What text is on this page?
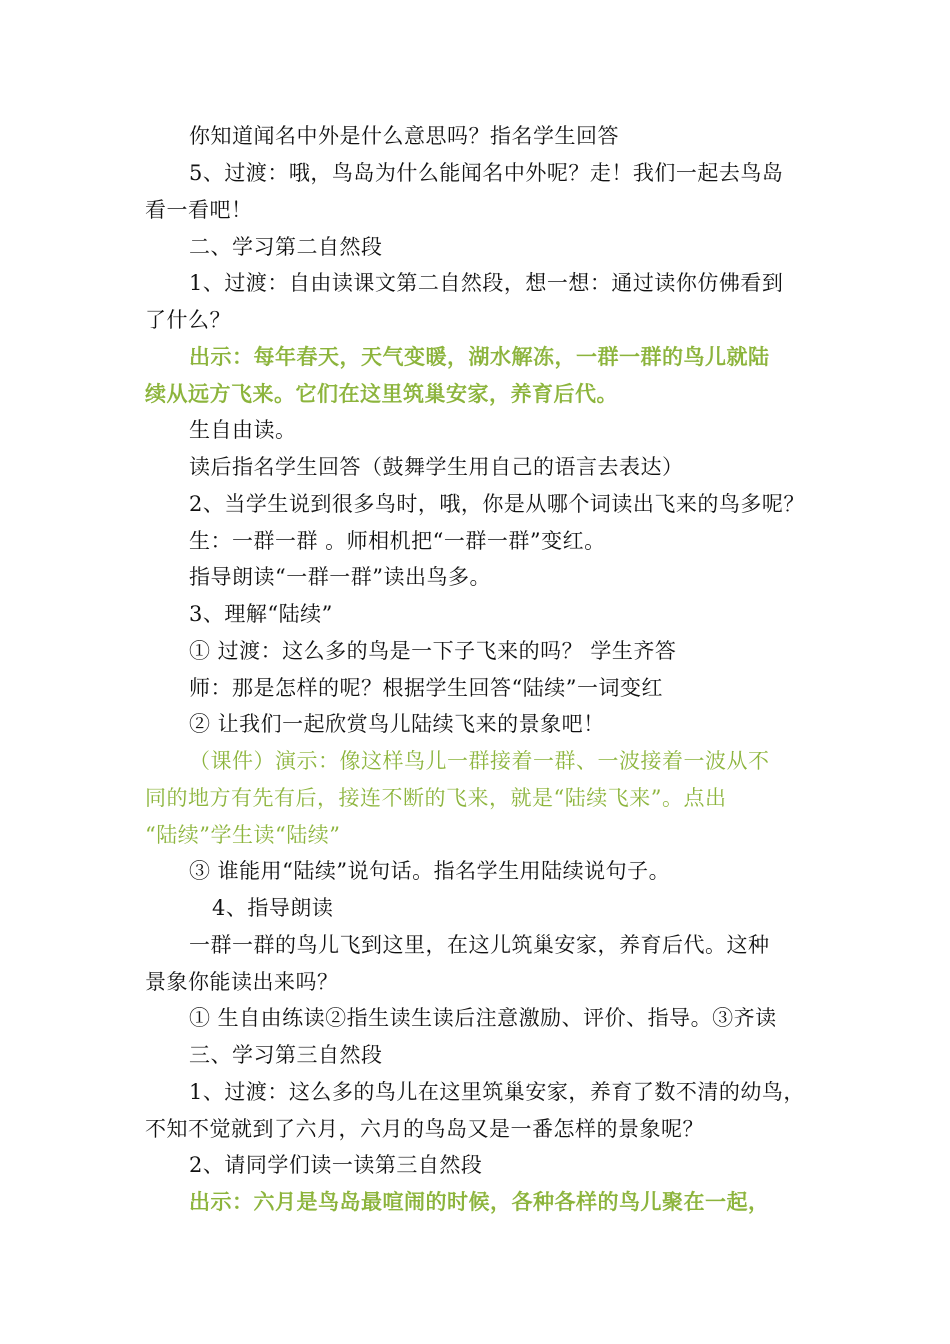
你知道闻名中外是什么意思吗？指名学生回答
5、过渡：哦，鸟岛为什么能闻名中外呢？走！我们一起去鸟岛
看一看吧！
二、学习第二自然段
1、过渡：自由读课文第二自然段，想一想：通过读你仿佛看到
了什么？
出示：每年春天，天气变暖，湖水解冻，一群一群的鸟儿就陆
续从远方飞来。它们在这里筑巢安家，养育后代。
生自由读。
读后指名学生回答（鼓舞学生用自己的语言去表达）
2、当学生说到很多鸟时，哦，你是从哪个词读出飞来的鸟多呢？
生：一群一群 。师相机把“一群一群”变红。
指导朗读“一群一群”读出鸟多。
3、理解“陆续”
① 过渡：这么多的鸟是一下子飞来的吗？ 学生齐答
师：那是怎样的呢？根据学生回答“陆续”一词变红
② 让我们一起欣赏鸟儿陆续飞来的景象吧！
（课件）演示：像这样鸟儿一群接着一群、一波接着一波从不
同的地方有先有后，接连不断的飞来，就是“陆续飞来”。点出
“陆续”学生读“陆续”
③ 谁能用“陆续”说句话。指名学生用陆续说句子。
4、指导朗读
一群一群的鸟儿飞到这里，在这儿筑巢安家，养育后代。这种
景象你能读出来吗？
① 生自由练读②指生读生读后注意激励、评价、指导。③齐读
三、学习第三自然段
1、过渡：这么多的鸟儿在这里筑巢安家，养育了数不清的幼鸟，
不知不觉就到了六月，六月的鸟岛又是一番怎样的景象呢？
2、请同学们读一读第三自然段
出示：六月是鸟岛最喧闹的时候，各种各样的鸟儿聚在一起，
